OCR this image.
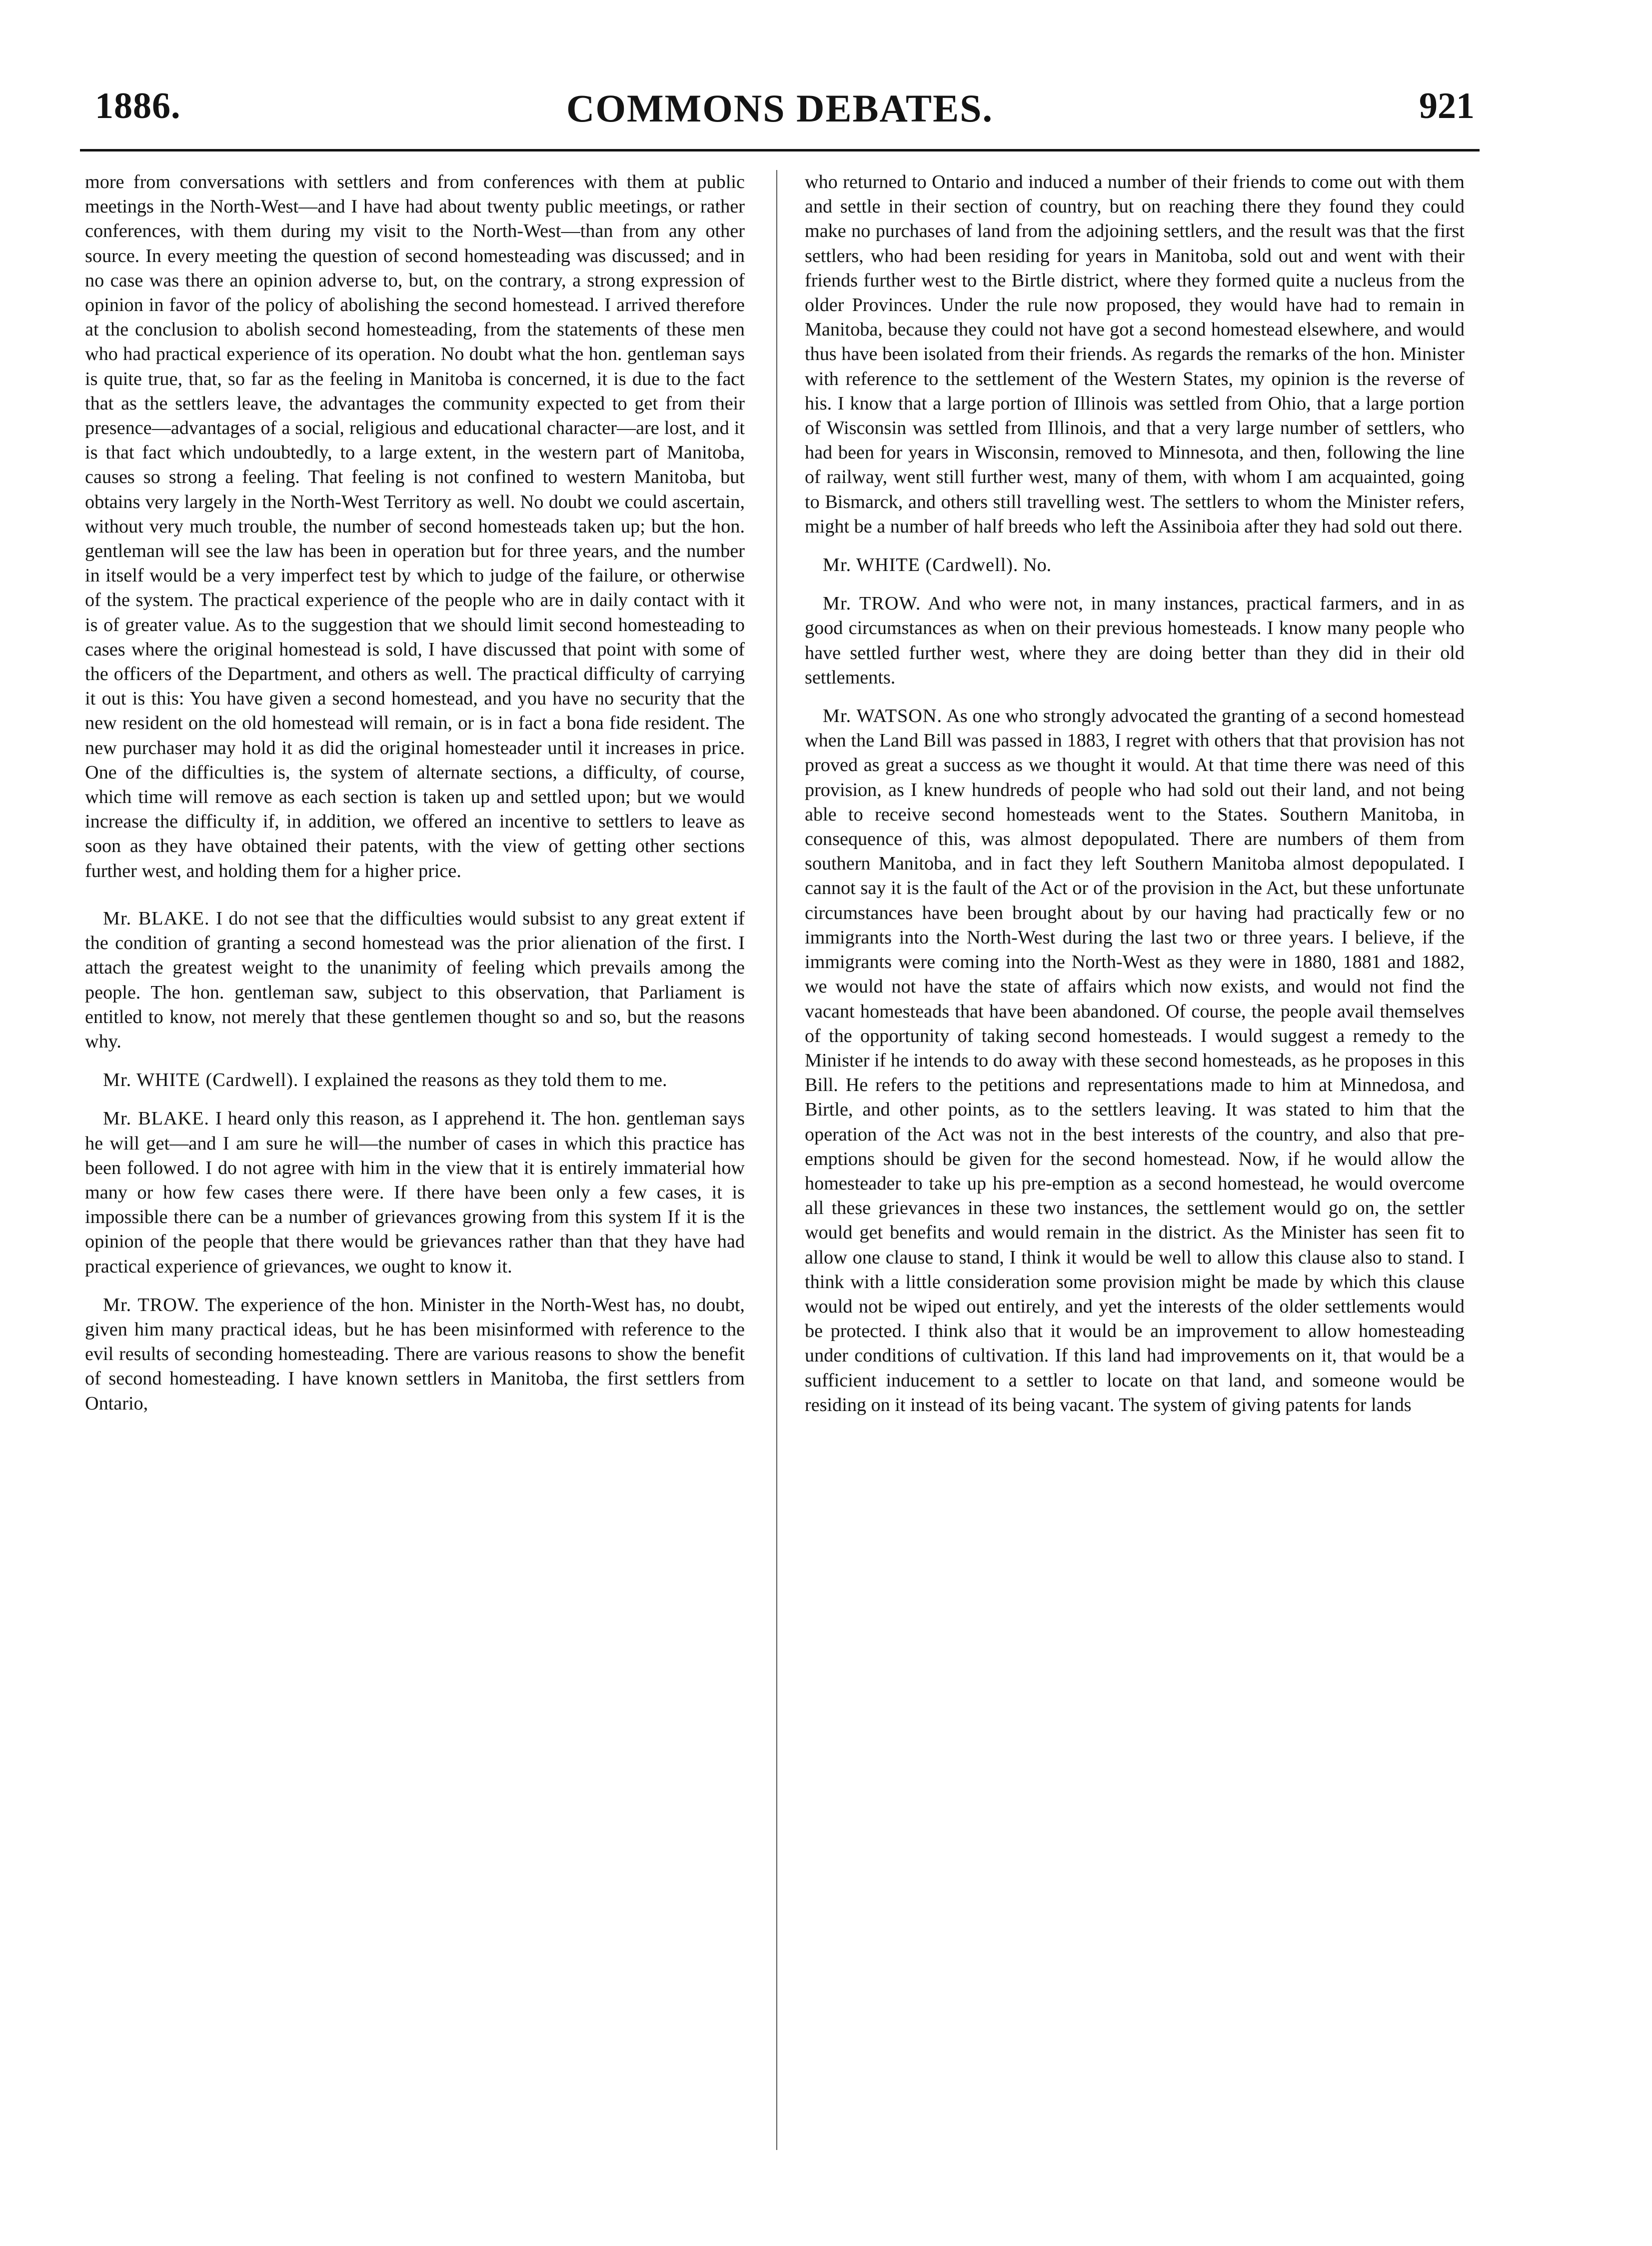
1886.	COMMONS DEBATES.	921

more from conversations with settlers and from conferences with them at public meetings in the North-West—and I have had about twenty public meetings, or rather conferences, with them during my visit to the North-West—than from any other source. In every meeting the question of second homesteading was discussed; and in no case was there an opinion adverse to, but, on the contrary, a strong expression of opinion in favor of the policy of abolishing the second homestead. I arrived therefore at the conclusion to abolish second homesteading, from the statements of these men who had practical experience of its operation. No doubt what the hon. gentleman says is quite true, that, so far as the feeling in Manitoba is concerned, it is due to the fact that as the settlers leave, the advantages the community expected to get from their presence—advantages of a social, religious and educational character—are lost, and it is that fact which undoubtedly, to a large extent, in the western part of Manitoba, causes so strong a feeling. That feeling is not confined to western Manitoba, but obtains very largely in the North-West Territory as well. No doubt we could ascertain, without very much trouble, the number of second homesteads taken up; but the hon. gentleman will see the law has been in operation but for three years, and the number in itself would be a very imperfect test by which to judge of the failure, or otherwise of the system. The practical experience of the people who are in daily contact with it is of greater value. As to the suggestion that we should limit second homesteading to cases where the original homestead is sold, I have discussed that point with some of the officers of the Department, and others as well. The practical difficulty of carrying it out is this: You have given a second homestead, and you have no security that the new resident on the old homestead will remain, or is in fact a bona fide resident. The new purchaser may hold it as did the original homesteader until it increases in price. One of the difficulties is, the system of alternate sections, a difficulty, of course, which time will remove as each section is taken up and settled upon; but we would increase the difficulty if, in addition, we offered an incentive to settlers to leave as soon as they have obtained their patents, with the view of getting other sections further west, and holding them for a higher price.

Mr. BLAKE. I do not see that the difficulties would subsist to any great extent if the condition of granting a second homestead was the prior alienation of the first. I attach the greatest weight to the unanimity of feeling which prevails among the people. The hon. gentleman saw, subject to this observation, that Parliament is entitled to know, not merely that these gentlemen thought so and so, but the reasons why.

Mr. WHITE (Cardwell). I explained the reasons as they told them to me.

Mr. BLAKE. I heard only this reason, as I apprehend it. The hon. gentleman says he will get—and I am sure he will—the number of cases in which this practice has been followed. I do not agree with him in the view that it is entirely immaterial how many or how few cases there were. If there have been only a few cases, it is impossible there can be a number of grievances growing from this system If it is the opinion of the people that there would be grievances rather than that they have had practical experience of grievances, we ought to know it.

Mr. TROW. The experience of the hon. Minister in the North-West has, no doubt, given him many practical ideas, but he has been misinformed with reference to the evil results of seconding homesteading. There are various reasons to show the benefit of second homesteading. I have known settlers in Manitoba, the first settlers from Ontario,

who returned to Ontario and induced a number of their friends to come out with them and settle in their section of country, but on reaching there they found they could make no purchases of land from the adjoining settlers, and the result was that the first settlers, who had been residing for years in Manitoba, sold out and went with their friends further west to the Birtle district, where they formed quite a nucleus from the older Provinces. Under the rule now proposed, they would have had to remain in Manitoba, because they could not have got a second homestead elsewhere, and would thus have been isolated from their friends. As regards the remarks of the hon. Minister with reference to the settlement of the Western States, my opinion is the reverse of his. I know that a large portion of Illinois was settled from Ohio, that a large portion of Wisconsin was settled from Illinois, and that a very large number of settlers, who had been for years in Wisconsin, removed to Minnesota, and then, following the line of railway, went still further west, many of them, with whom I am acquainted, going to Bismarck, and others still travelling west. The settlers to whom the Minister refers, might be a number of half breeds who left the Assiniboia after they had sold out there.

Mr. WHITE (Cardwell). No.

Mr. TROW. And who were not, in many instances, practical farmers, and in as good circumstances as when on their previous homesteads. I know many people who have settled further west, where they are doing better than they did in their old settlements.

Mr. WATSON. As one who strongly advocated the granting of a second homestead when the Land Bill was passed in 1883, I regret with others that that provision has not proved as great a success as we thought it would. At that time there was need of this provision, as I knew hundreds of people who had sold out their land, and not being able to receive second homesteads went to the States. Southern Manitoba, in consequence of this, was almost depopulated. There are numbers of them from southern Manitoba, and in fact they left Southern Manitoba almost depopulated. I cannot say it is the fault of the Act or of the provision in the Act, but these unfortunate circumstances have been brought about by our having had practically few or no immigrants into the North-West during the last two or three years. I believe, if the immigrants were coming into the North-West as they were in 1880, 1881 and 1882, we would not have the state of affairs which now exists, and would not find the vacant homesteads that have been abandoned. Of course, the people avail themselves of the opportunity of taking second homesteads. I would suggest a remedy to the Minister if he intends to do away with these second homesteads, as he proposes in this Bill. He refers to the petitions and representations made to him at Minnedosa, and Birtle, and other points, as to the settlers leaving. It was stated to him that the operation of the Act was not in the best interests of the country, and also that pre-emptions should be given for the second homestead. Now, if he would allow the homesteader to take up his pre-emption as a second homestead, he would overcome all these grievances in these two instances, the settlement would go on, the settler would get benefits and would remain in the district. As the Minister has seen fit to allow one clause to stand, I think it would be well to allow this clause also to stand. I think with a little consideration some provision might be made by which this clause would not be wiped out entirely, and yet the interests of the older settlements would be protected. I think also that it would be an improvement to allow homesteading under conditions of cultivation. If this land had improvements on it, that would be a sufficient inducement to a settler to locate on that land, and someone would be residing on it instead of its being vacant. The system of giving patents for lands
